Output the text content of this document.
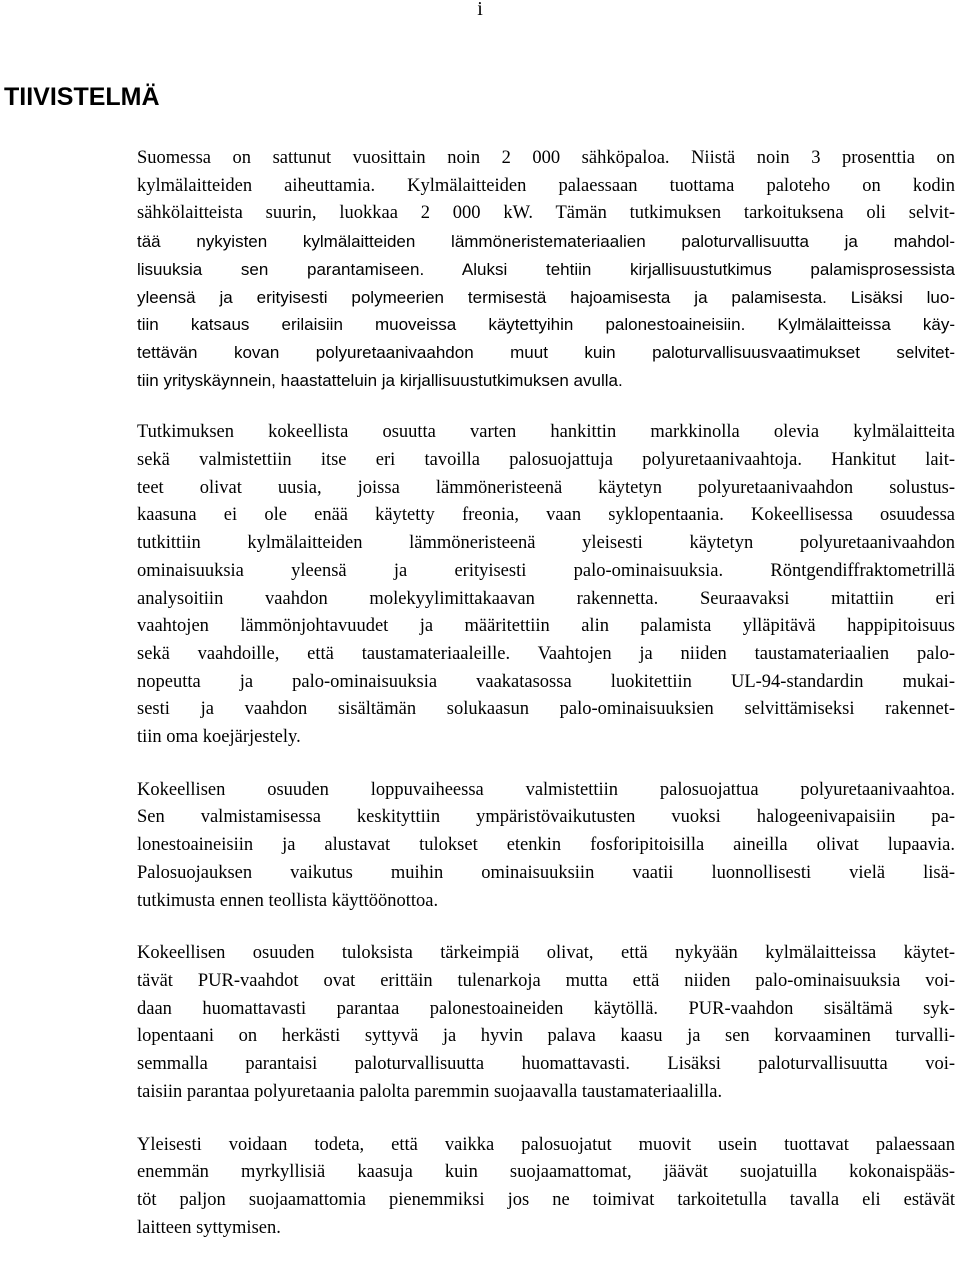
i
TIIVISTELMÄ

Suomessa on sattunut vuosittain noin 2 000 sähköpaloa. Niistä noin 3 prosenttia on
kylmälaitteiden aiheuttamia. Kylmälaitteiden palaessaan tuottama paloteho on kodin
sähkölaitteista suurin, luokkaa 2 000 kW. Tämän tutkimuksen tarkoituksena oli selvit-
tää nykyisten kylmälaitteiden lämmöneristemateriaalien paloturvallisuutta ja mahdol-
lisuuksia sen parantamiseen. Aluksi tehtiin kirjallisuustutkimus palamisprosessista
yleensä ja erityisesti polymeerien termisestä hajoamisesta ja palamisesta. Lisäksi luo-
tiin katsaus erilaisiin muoveissa käytettyihin palonestoaineisiin. Kylmälaitteissa käy-
tettävän kovan polyuretaanivaahdon muut kuin paloturvallisuusvaatimukset selvitet-
tiin yrityskäynnein, haastatteluin ja kirjallisuustutkimuksen avulla.

Tutkimuksen kokeellista osuutta varten hankittin markkinolla olevia kylmälaitteita
sekä valmistettiin itse eri tavoilla palosuojattuja polyuretaanivaahtoja. Hankitut lait-
teet olivat uusia, joissa lämmöneristeenä käytetyn polyuretaanivaahdon solustus-
kaasuna ei ole enää käytetty freonia, vaan syklopentaania. Kokeellisessa osuudessa
tutkittiin kylmälaitteiden lämmöneristeenä yleisesti käytetyn polyuretaanivaahdon
ominaisuuksia yleensä ja erityisesti palo-ominaisuuksia. Röntgendiffraktometrillä
analysoitiin vaahdon molekyylimittakaavan rakennetta. Seuraavaksi mitattiin eri
vaahtojen lämmönjohtavuudet ja määritettiin alin palamista ylläpitävä happipitoisuus
sekä vaahdoille, että taustamateriaaleille. Vaahtojen ja niiden taustamateriaalien palo-
nopeutta ja palo-ominaisuuksia vaakatasossa luokitettiin UL-94-standardin mukai-
sesti ja vaahdon sisältämän solukaasun palo-ominaisuuksien selvittämiseksi rakennet-
tiin oma koejärjestely.

Kokeellisen osuuden loppuvaiheessa valmistettiin palosuojattua polyuretaanivaahtoa.
Sen valmistamisessa keskityttiin ympäristövaikutusten vuoksi halogeenivapaisiin pa-
lonestoaineisiin ja alustavat tulokset etenkin fosforipitoisilla aineilla olivat lupaavia.
Palosuojauksen vaikutus muihin ominaisuuksiin vaatii luonnollisesti vielä lisä-
tutkimusta ennen teollista käyttöönottoa.

Kokeellisen osuuden tuloksista tärkeimpiä olivat, että nykyään kylmälaitteissa käytet-
tävät PUR-vaahdot ovat erittäin tulenarkoja mutta että niiden palo-ominaisuuksia voi-
daan huomattavasti parantaa palonestoaineiden käytöllä. PUR-vaahdon sisältämä syk-
lopentaani on herkästi syttyvä ja hyvin palava kaasu ja sen korvaaminen turvalli-
semmalla parantaisi paloturvallisuutta huomattavasti. Lisäksi paloturvallisuutta voi-
taisiin parantaa polyuretaania palolta paremmin suojaavalla taustamateriaalilla.

Yleisesti voidaan todeta, että vaikka palosuojatut muovit usein tuottavat palaessaan
enemmän myrkyllisiä kaasuja kuin suojaamattomat, jäävät suojatuilla kokonaispääs-
töt paljon suojaamattomia pienemmiksi jos ne toimivat tarkoitetulla tavalla eli estävät
laitteen syttymisen.
